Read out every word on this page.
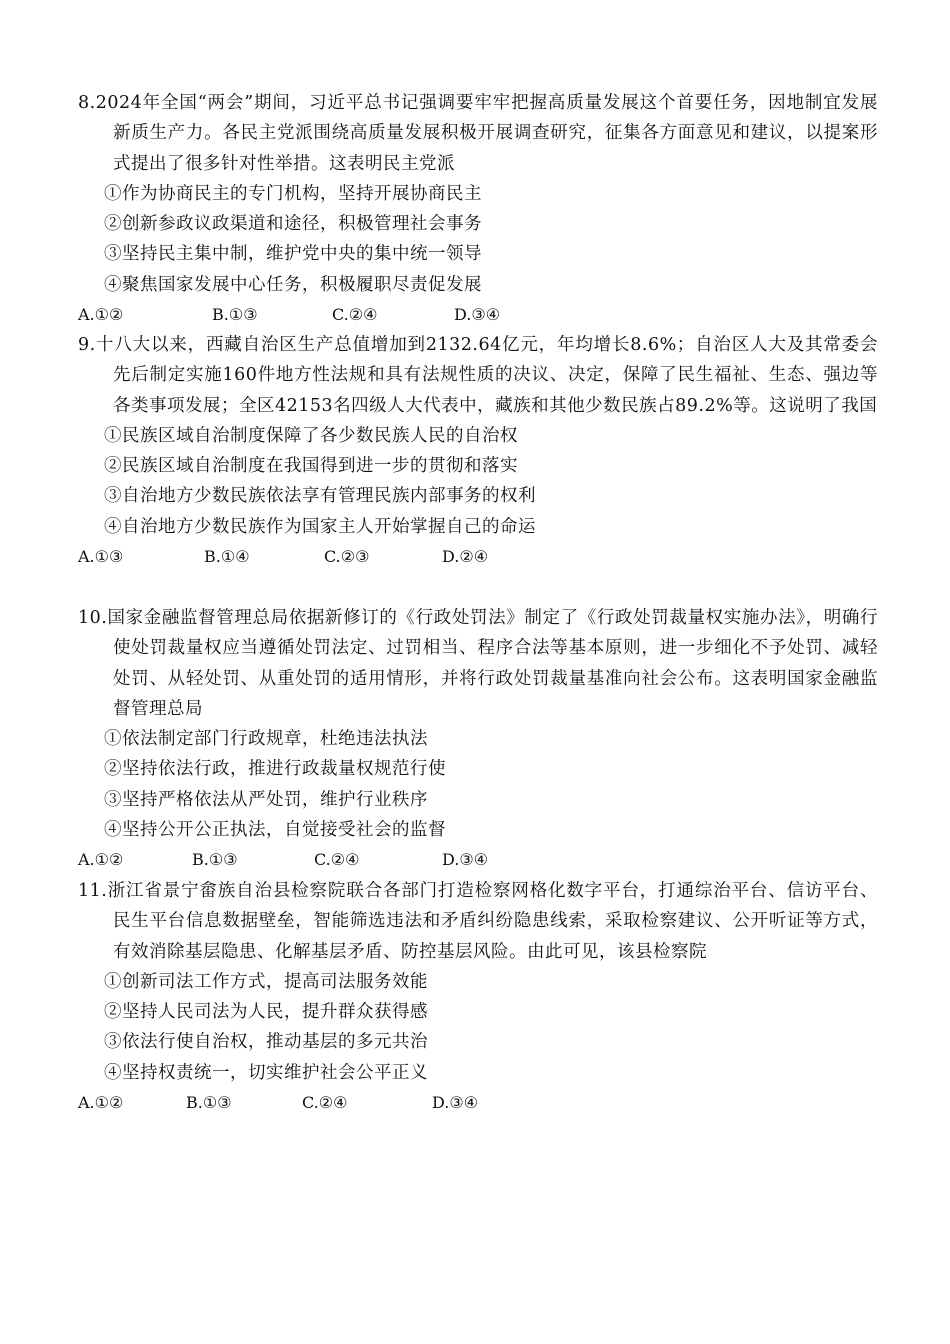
8.2024年全国“两会”期间，习近平总书记强调要牢牢把握高质量发展这个首要任务，因地制宜发展新质生产力。各民主党派围绕高质量发展积极开展调查研究，征集各方面意见和建议，以提案形式提出了很多针对性举措。这表明民主党派

①作为协商民主的专门机构，坚持开展协商民主

②创新参政议政渠道和途径，积极管理社会事务

③坚持民主集中制，维护党中央的集中统一领导

④聚焦国家发展中心任务，积极履职尽责促发展

A.①②	B.①③	C.②④	D.③④

9.十八大以来，西藏自治区生产总值增加到2132.64亿元，年均增长8.6%；自治区人大及其常委会先后制定实施160件地方性法规和具有法规性质的决议、决定，保障了民生福祉、生态、强边等各类事项发展；全区42153名四级人大代表中，藏族和其他少数民族占89.2%等。这说明了我国

①民族区域自治制度保障了各少数民族人民的自治权

②民族区域自治制度在我国得到进一步的贯彻和落实

③自治地方少数民族依法享有管理民族内部事务的权利

④自治地方少数民族作为国家主人开始掌握自己的命运

A.①③	B.①④	C.②③	D.②④

10.国家金融监督管理总局依据新修订的《行政处罚法》制定了《行政处罚裁量权实施办法》，明确行使处罚裁量权应当遵循处罚法定、过罚相当、程序合法等基本原则，进一步细化不予处罚、减轻处罚、从轻处罚、从重处罚的适用情形，并将行政处罚裁量基准向社会公布。这表明国家金融监督管理总局

①依法制定部门行政规章，杜绝违法执法

②坚持依法行政，推进行政裁量权规范行使

③坚持严格依法从严处罚，维护行业秩序

④坚持公开公正执法，自觉接受社会的监督

A.①②	B.①③	C.②④	D.③④

11.浙江省景宁畲族自治县检察院联合各部门打造检察网格化数字平台，打通综治平台、信访平台、民生平台信息数据壁垒，智能筛选违法和矛盾纠纷隐患线索，采取检察建议、公开听证等方式，有效消除基层隐患、化解基层矛盾、防控基层风险。由此可见，该县检察院

①创新司法工作方式，提高司法服务效能

②坚持人民司法为人民，提升群众获得感

③依法行使自治权，推动基层的多元共治

④坚持权责统一，切实维护社会公平正义

A.①②	B.①③	C.②④	D.③④
